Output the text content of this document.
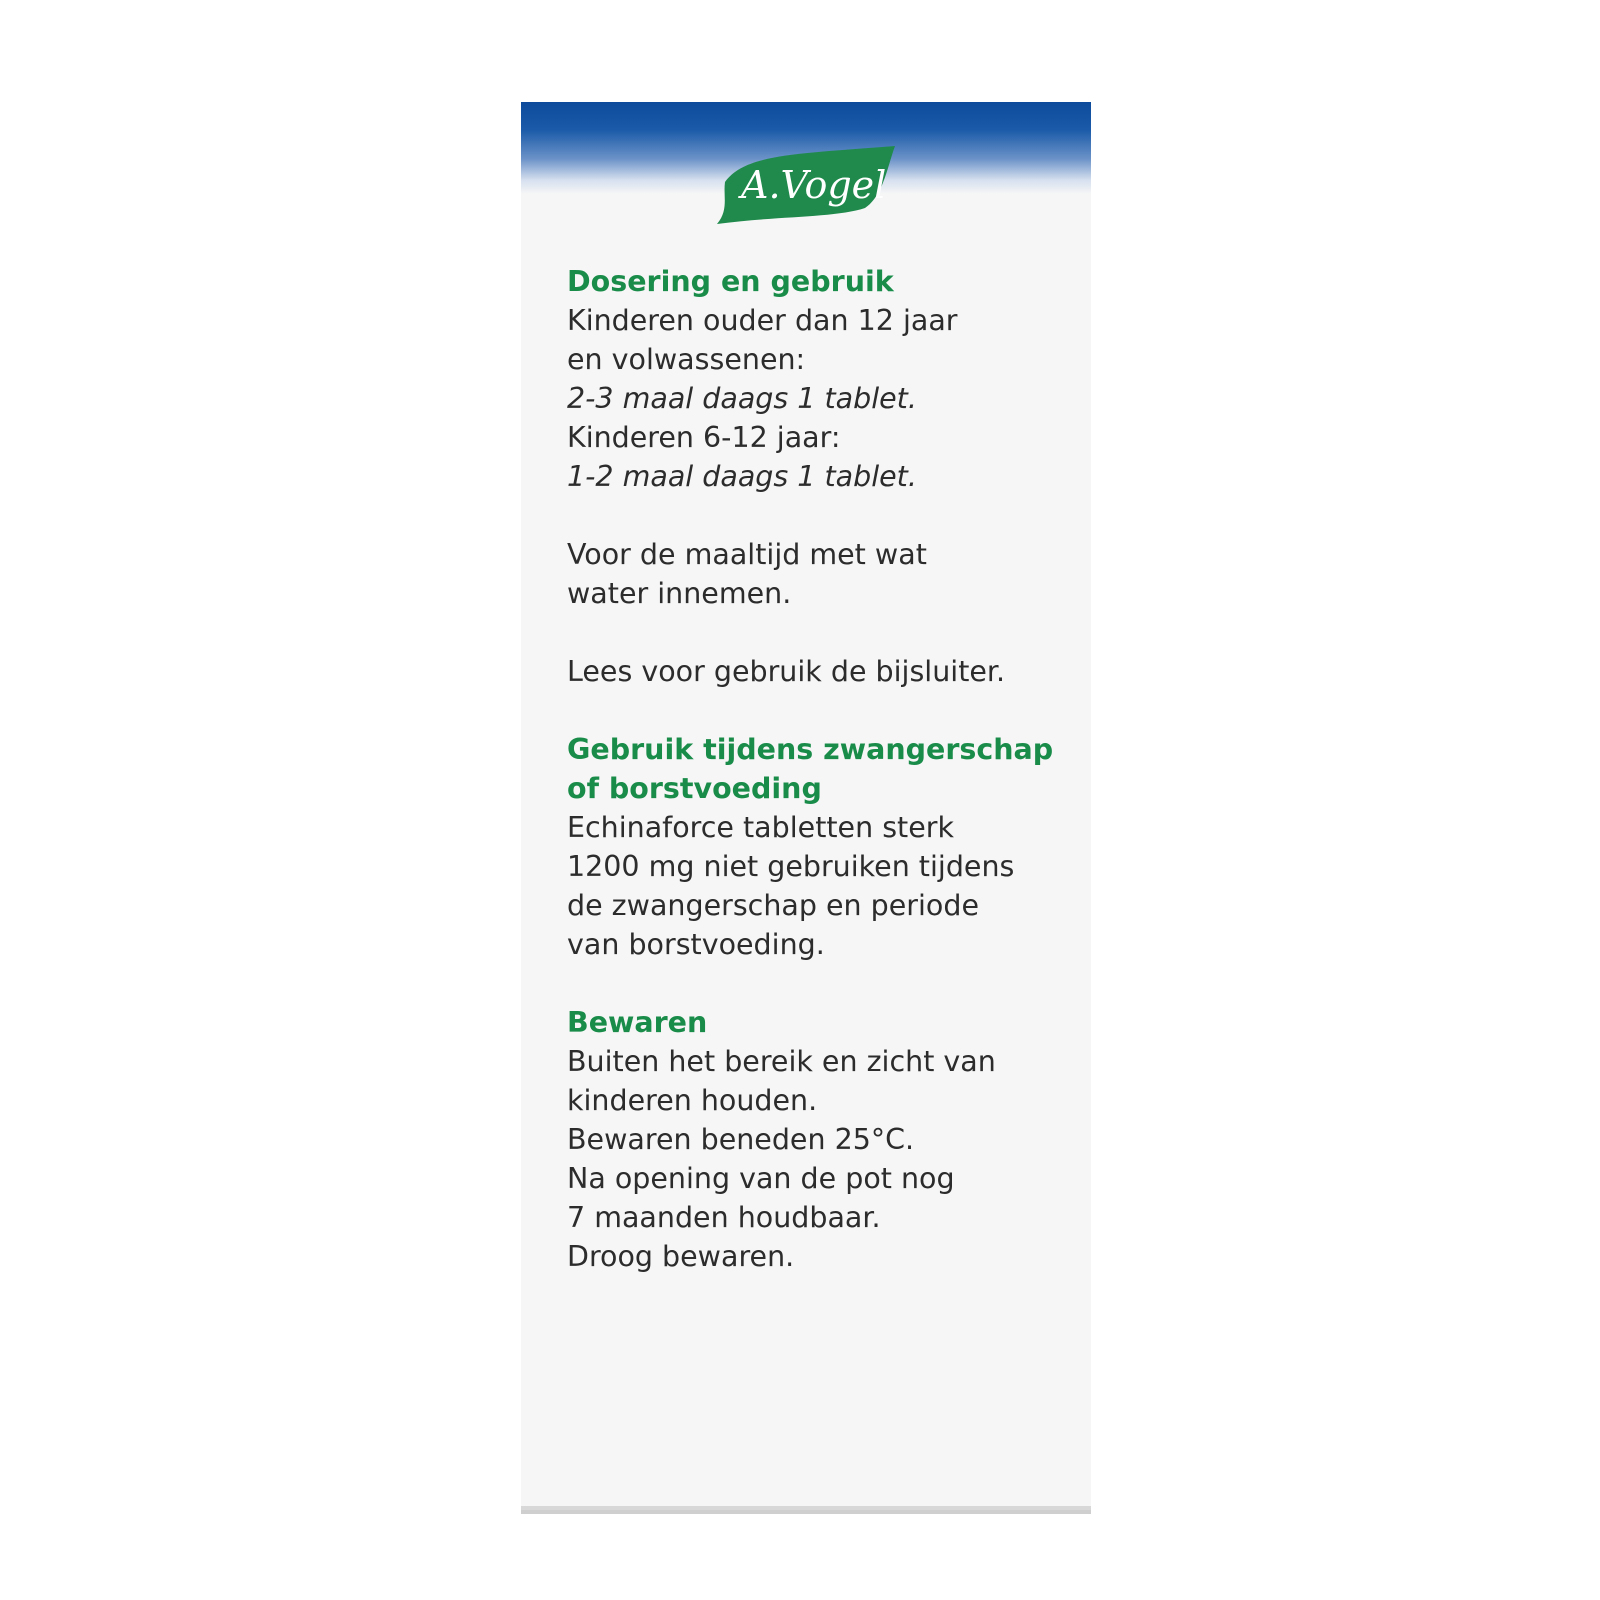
A.Vogel

Dosering en gebruik

Kinderen ouder dan 12 jaar

en volwassenen:

2-3 maal daags 1 tablet.

Kinderen 6-12 jaar:

1-2 maal daags 1 tablet.

Voor de maaltijd met wat

water innemen.

Lees voor gebruik de bijsluiter.

Gebruik tijdens zwangerschap

of borstvoeding

Echinaforce tabletten sterk

1200 mg niet gebruiken tijdens

de zwangerschap en periode

van borstvoeding.

Bewaren

Buiten het bereik en zicht van

kinderen houden.

Bewaren beneden 25°C.

Na opening van de pot nog

7 maanden houdbaar.

Droog bewaren.
